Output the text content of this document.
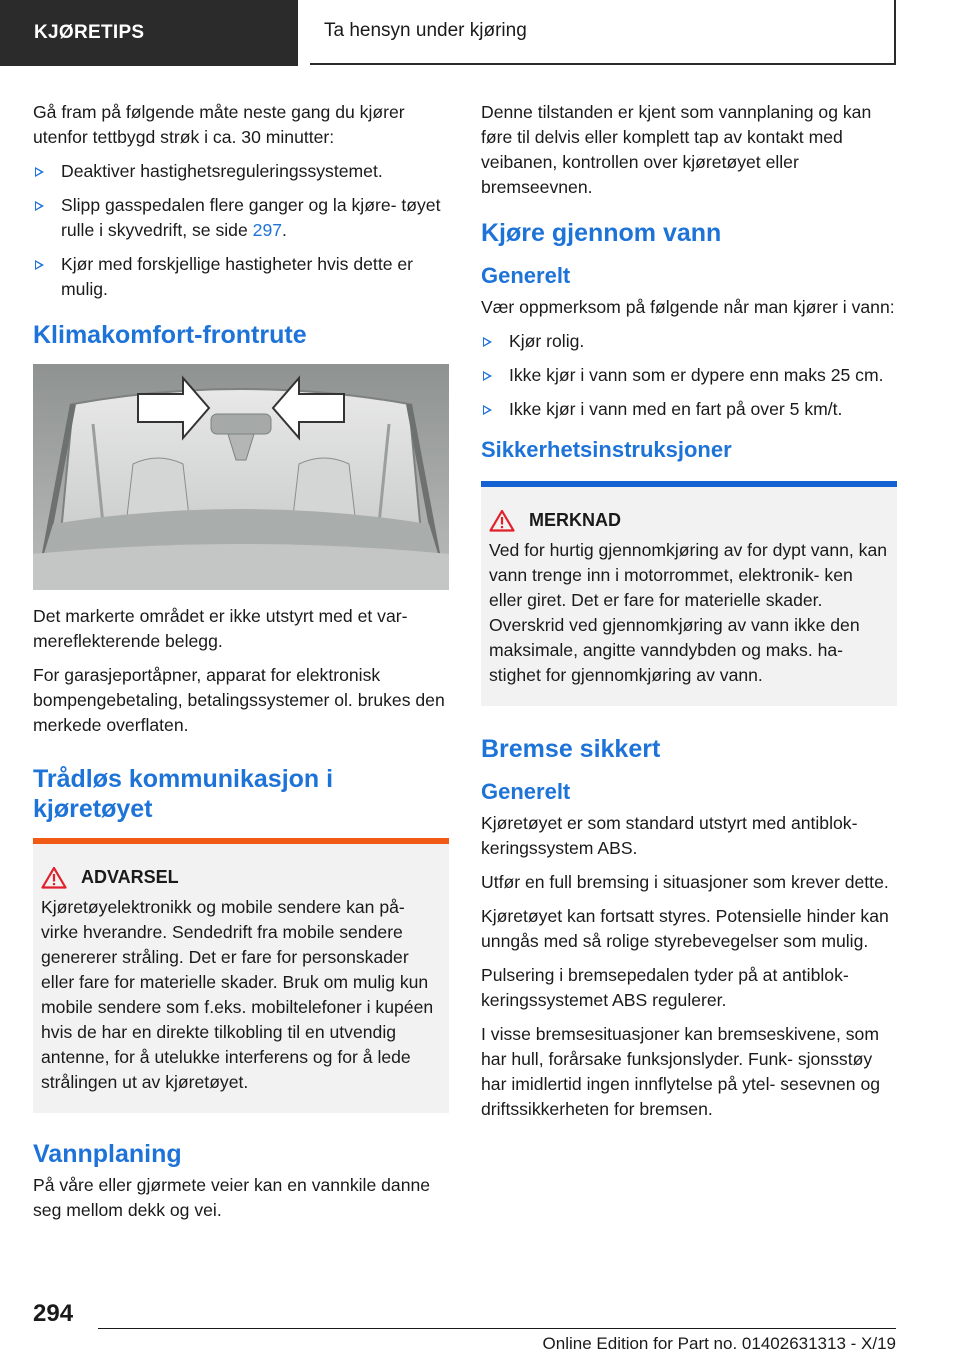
KJØRETIPS	Ta hensyn under kjøring

Gå fram på følgende måte neste gang du kjører utenfor tettbygd strøk i ca. 30 minutter:

Deaktiver hastighetsreguleringssystemet.
Slipp gasspedalen flere ganger og la kjøre- tøyet rulle i skyvedrift, se side 297.
Kjør med forskjellige hastigheter hvis dette er mulig.
Klimakomfort-frontrute

Det markerte området er ikke utstyrt med et var- mereflekterende belegg.

For garasjeportåpner, apparat for elektronisk bompengebetaling, betalingssystemer ol. brukes den merkede overflaten.

Trådløs kommunikasjon i kjøretøyet
ADVARSEL

Kjøretøyelektronikk og mobile sendere kan på- virke hverandre. Sendedrift fra mobile sendere genererer stråling. Det er fare for personskader eller fare for materielle skader. Bruk om mulig kun mobile sendere som f.eks. mobiltelefoner i kupéen hvis de har en direkte tilkobling til en utvendig antenne, for å utelukke interferens og for å lede strålingen ut av kjøretøyet.

Vannplaning

På våre eller gjørmete veier kan en vannkile danne seg mellom dekk og vei.

Denne tilstanden er kjent som vannplaning og kan føre til delvis eller komplett tap av kontakt med veibanen, kontrollen over kjøretøyet eller bremseevnen.

Kjøre gjennom vann
Generelt

Vær oppmerksom på følgende når man kjører i vann:

Kjør rolig.
Ikke kjør i vann som er dypere enn maks 25 cm.
Ikke kjør i vann med en fart på over 5 km/t.
Sikkerhetsinstruksjoner
MERKNAD

Ved for hurtig gjennomkjøring av for dypt vann, kan vann trenge inn i motorrommet, elektronik- ken eller giret. Det er fare for materielle skader. Overskrid ved gjennomkjøring av vann ikke den maksimale, angitte vanndybden og maks. ha- stighet for gjennomkjøring av vann.

Bremse sikkert
Generelt

Kjøretøyet er som standard utstyrt med antiblok- keringssystem ABS.

Utfør en full bremsing i situasjoner som krever dette.

Kjøretøyet kan fortsatt styres. Potensielle hinder kan unngås med så rolige styrebevegelser som mulig.

Pulsering i bremsepedalen tyder på at antiblok- keringssystemet ABS regulerer.

I visse bremsesituasjoner kan bremseskivene, som har hull, forårsake funksjonslyder. Funk- sjonsstøy har imidlertid ingen innflytelse på ytel- sesevnen og driftssikkerheten for bremsen.

294
Online Edition for Part no. 01402631313 - X/19
